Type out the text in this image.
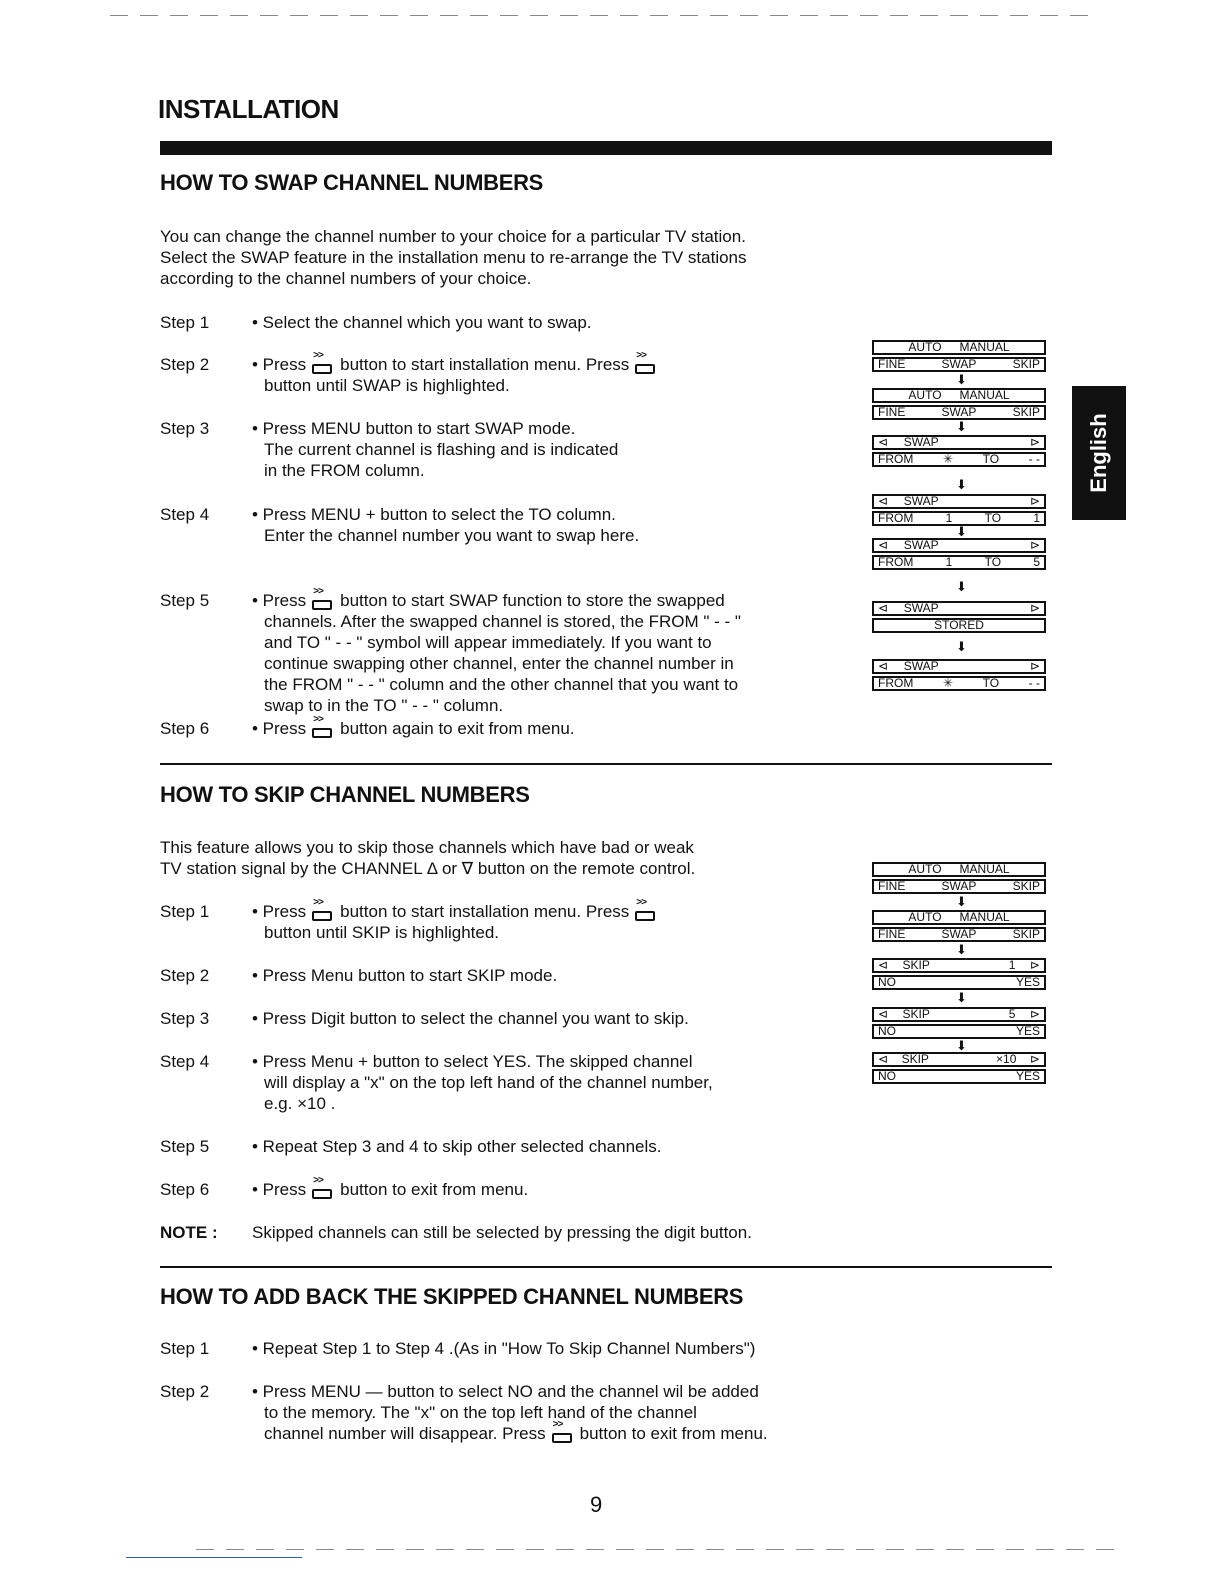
INSTALLATION
English
HOW TO SWAP CHANNEL NUMBERS
You can change the channel number to your choice for a particular TV station.
Select the SWAP feature in the installation menu to re-arrange the TV stations
according to the channel numbers of your choice.
Step 1	• Select the channel which you want to swap.
Step 2	• Press >> button to start installation menu. Press >>
button until SWAP is highlighted.
Step 3	• Press MENU button to start SWAP mode.
The current channel is flashing and is indicated
in the FROM column.
Step 4	• Press MENU + button to select the TO column.
Enter the channel number you want to swap here.
Step 5	• Press >> button to start SWAP function to store the swapped
channels. After the swapped channel is stored, the FROM " - - "
and TO " - - " symbol will appear immediately. If you want to
continue swapping other channel, enter the channel number in
the FROM " - - " column and the other channel that you want to
swap to in the TO " - - " column.
Step 6	• Press >> button again to exit from menu.
AUTO MANUAL
FINE	SWAP	SKIP
⬇
AUTO MANUAL
FINE	SWAP	SKIP
⬇
⊲ SWAP	⊳
FROM ✳ TO - -
⬇
⊲ SWAP	⊳
FROM	1	TO	1
⬇
⊲ SWAP	⊳
FROM	1	TO	5
⬇
⊲ SWAP	⊳
STORED
⬇
⊲ SWAP	⊳
FROM ✳ TO - -
HOW TO SKIP CHANNEL NUMBERS
This feature allows you to skip those channels which have bad or weak
TV station signal by the CHANNEL Δ or ∇ button on the remote control.
Step 1	• Press >> button to start installation menu. Press >>
button until SKIP is highlighted.
Step 2	• Press Menu button to start SKIP mode.
Step 3	• Press Digit button to select the channel you want to skip.
Step 4	• Press Menu + button to select YES. The skipped channel
will display a "x" on the top left hand of the channel number,
e.g. ×10 .
Step 5	• Repeat Step 3 and 4 to skip other selected channels.
Step 6	• Press >> button to exit from menu.
NOTE : Skipped channels can still be selected by pressing the digit button.
AUTO MANUAL
FINE	SWAP	SKIP
⬇
AUTO MANUAL
FINE	SWAP	SKIP
⬇
⊲ SKIP	1 ⊳
NO	YES
⬇
⊲ SKIP	5 ⊳
NO	YES
⬇
⊲ SKIP	×10 ⊳
NO	YES
HOW TO ADD BACK THE SKIPPED CHANNEL NUMBERS
Step 1	• Repeat Step 1 to Step 4 .(As in "How To Skip Channel Numbers")
Step 2	• Press MENU — button to select NO and the channel wil be added
to the memory. The "x" on the top left hand of the channel
channel number will disappear. Press >> button to exit from menu.
9
